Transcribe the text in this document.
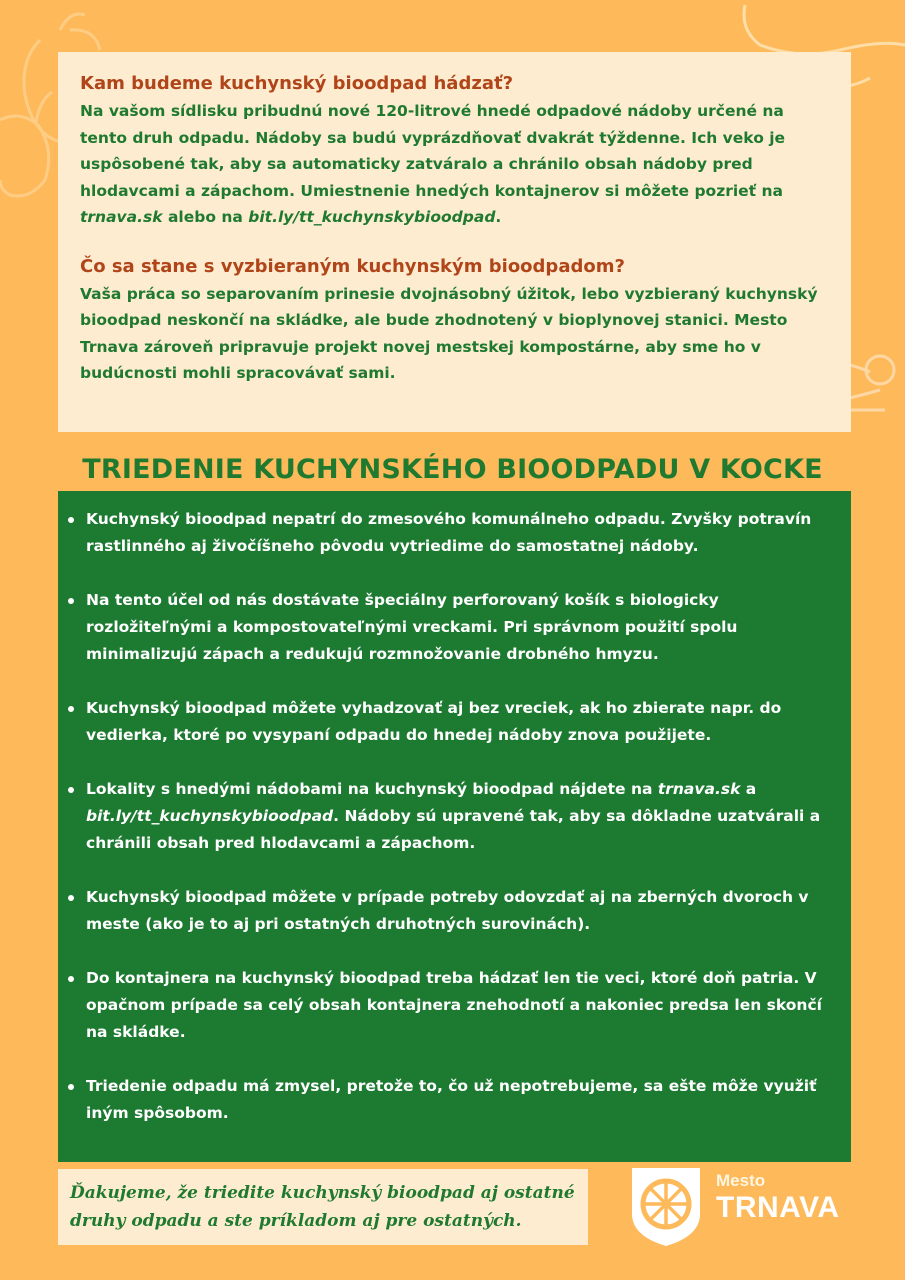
Kam budeme kuchynský bioodpad hádzať?

Na vašom sídlisku pribudnú nové 120-litrové hnedé odpadové nádoby určené na tento druh odpadu. Nádoby sa budú vyprázdňovať dvakrát týždenne. Ich veko je uspôsobené tak, aby sa automaticky zatváralo a chránilo obsah nádoby pred hlodavcami a zápachom. Umiestnenie hnedých kontajnerov si môžete pozrieť na trnava.sk alebo na bit.ly/tt_kuchynskybioodpad.

Čo sa stane s vyzbieraným kuchynským bioodpadom?

Vaša práca so separovaním prinesie dvojnásobný úžitok, lebo vyzbieraný kuchynský bioodpad neskončí na skládke, ale bude zhodnotený v bioplynovej stanici. Mesto Trnava zároveň pripravuje projekt novej mestskej kompostárne, aby sme ho v budúcnosti mohli spracovávať sami.

TRIEDENIE KUCHYNSKÉHO BIOODPADU V KOCKE
Kuchynský bioodpad nepatrí do zmesového komunálneho odpadu. Zvyšky potravín rastlinného aj živočíšneho pôvodu vytriedime do samostatnej nádoby.
Na tento účel od nás dostávate špeciálny perforovaný košík s biologicky rozložiteľnými a kompostovateľnými vreckami. Pri správnom použití spolu minimalizujú zápach a redukujú rozmnožovanie drobného hmyzu.
Kuchynský bioodpad môžete vyhadzovať aj bez vreciek, ak ho zbierate napr. do vedierka, ktoré po vysypaní odpadu do hnedej nádoby znova použijete.
Lokality s hnedými nádobami na kuchynský bioodpad nájdete na trnava.sk a bit.ly/tt_kuchynskybioodpad. Nádoby sú upravené tak, aby sa dôkladne uzatvárali a chránili obsah pred hlodavcami a zápachom.
Kuchynský bioodpad môžete v prípade potreby odovzdať aj na zberných dvoroch v meste (ako je to aj pri ostatných druhotných surovinách).
Do kontajnera na kuchynský bioodpad treba hádzať len tie veci, ktoré doň patria. V opačnom prípade sa celý obsah kontajnera znehodnotí a nakoniec predsa len skončí na skládke.
Triedenie odpadu má zmysel, pretože to, čo už nepotrebujeme, sa ešte môže využiť iným spôsobom.

Ďakujeme, že triedite kuchynský bioodpad aj ostatné druhy odpadu a ste príkladom aj pre ostatných.

Mesto
TRNAVA
